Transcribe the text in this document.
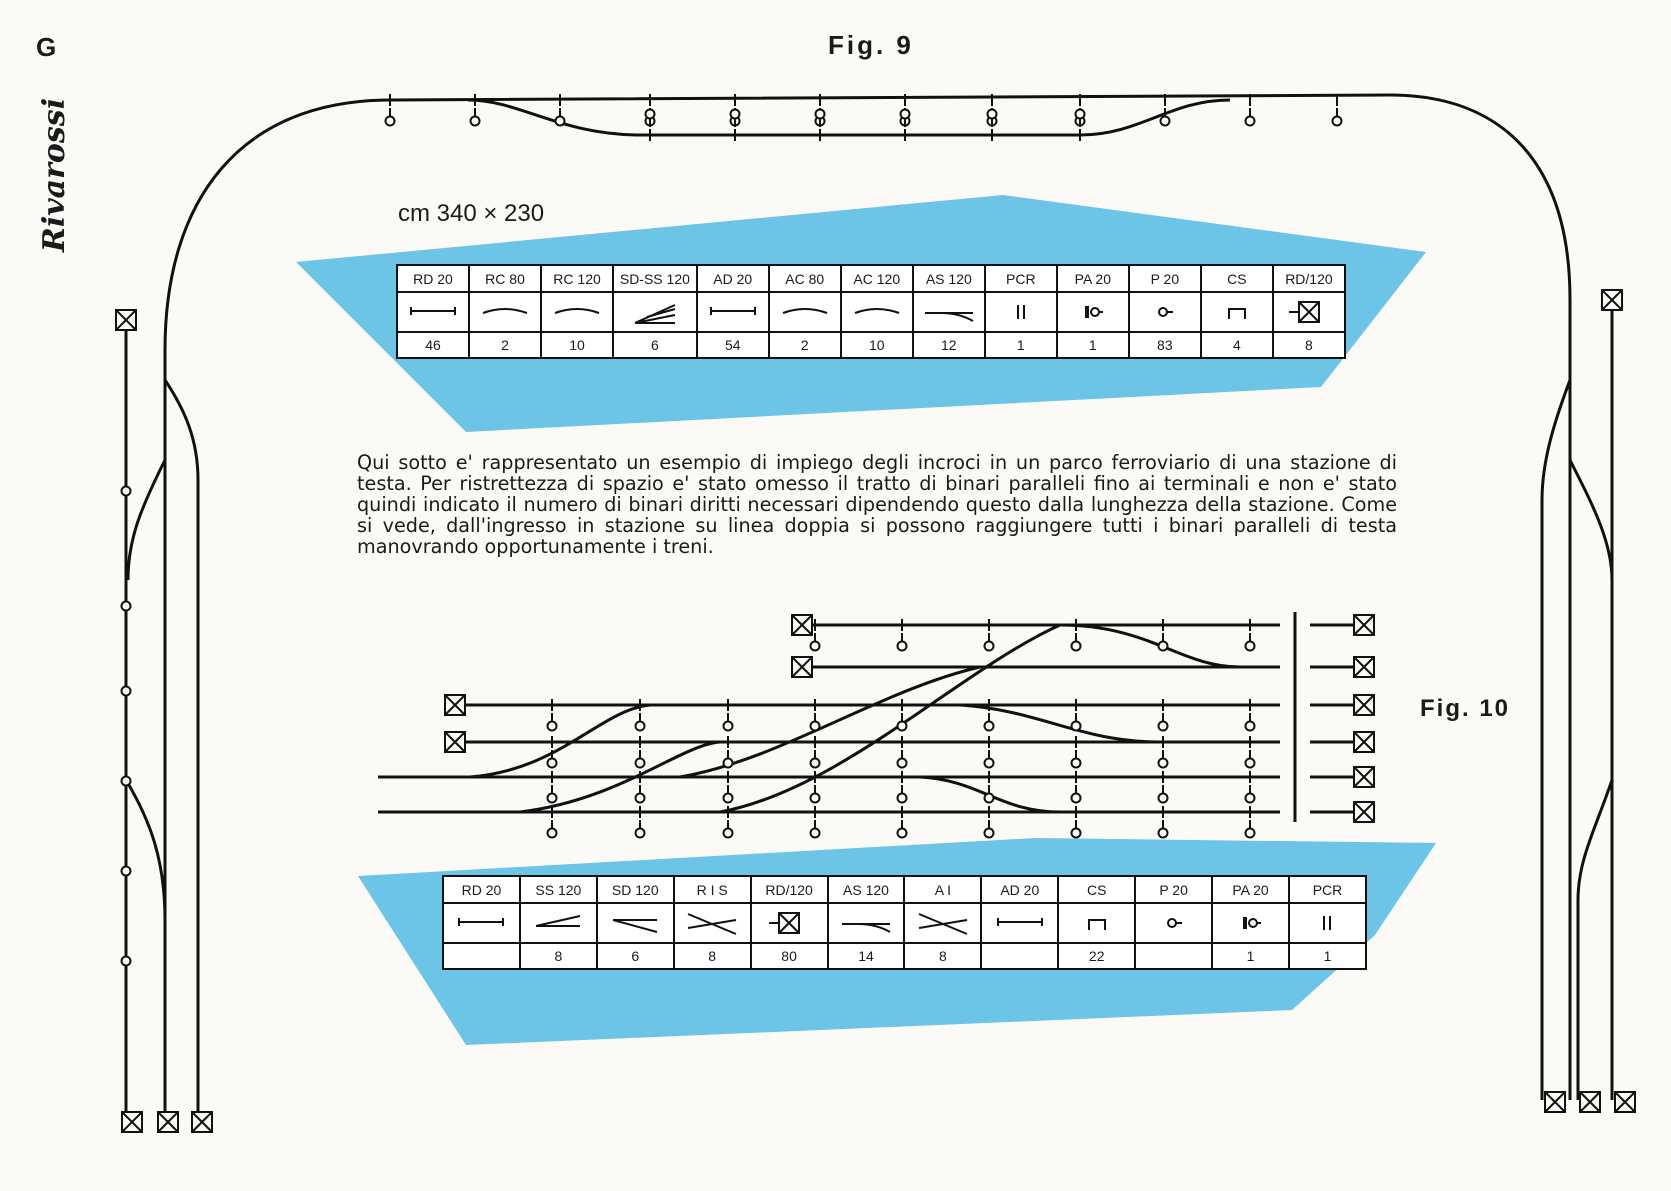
G
Rivarossi
Fig. 9
cm 340 × 230
RD 20	RC 80	RC 120	SD-SS 120	AD 20	AC 80	AC 120	AS 120	PCR	PA 20	P 20	CS	RD/120

46	2	10	6	54	2	10	12	1	1	83	4	8
Qui sotto e' rappresentato un esempio di impiego degli incroci in un parco ferroviario di una stazione di testa. Per ristrettezza di spazio e' stato omesso il tratto di binari paralleli fino ai terminali e non e' stato quindi indicato il numero di binari diritti necessari dipendendo questo dalla lunghezza della stazione. Come si vede, dall'ingresso in stazione su linea doppia si possono raggiungere tutti i binari paralleli di testa manovrando opportunamente i treni.
Fig. 10
RD 20	SS 120	SD 120	R I S	RD/120	AS 120	A I	AD 20	CS	P 20	PA 20	PCR

	8	6	8	80	14	8		22		1	1
